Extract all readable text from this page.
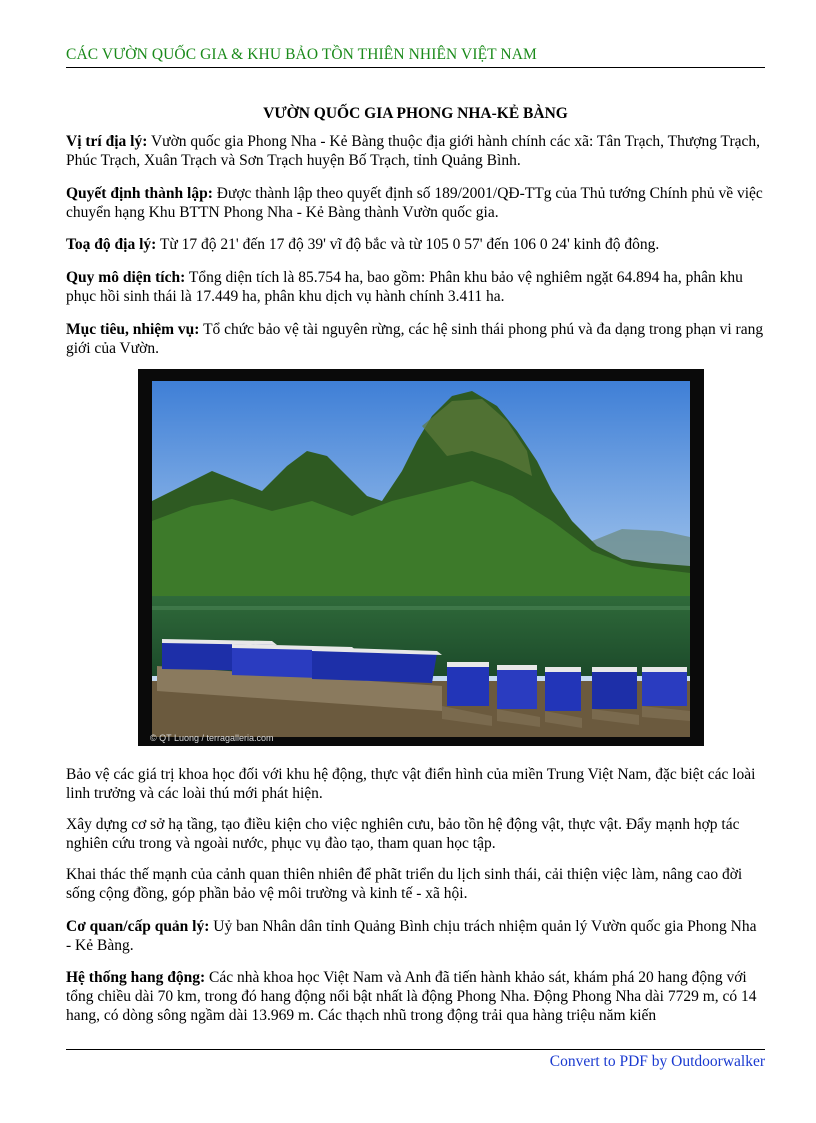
CÁC VƯỜN QUỐC GIA & KHU BẢO TỒN THIÊN NHIÊN VIỆT NAM
VƯỜN QUỐC GIA PHONG NHA-KẺ BÀNG

Vị trí địa lý: Vườn quốc gia Phong Nha - Kẻ Bàng thuộc địa giới hành chính các xã: Tân Trạch, Thượng Trạch, Phúc Trạch, Xuân Trạch và Sơn Trạch huyện Bố Trạch, tỉnh Quảng Bình.

Quyết định thành lập: Được thành lập theo quyết định số 189/2001/QĐ-TTg của Thủ tướng Chính phủ về việc chuyển hạng Khu BTTN Phong Nha - Kẻ Bàng thành Vườn quốc gia.

Toạ độ địa lý: Từ 17 độ 21' đến 17 độ 39' vĩ độ bắc và từ 105 0 57' đến 106 0 24' kinh độ đông.

Quy mô diện tích: Tổng diện tích là 85.754 ha, bao gồm: Phân khu bảo vệ nghiêm ngặt 64.894 ha, phân khu phục hồi sinh thái là 17.449 ha, phân khu dịch vụ hành chính 3.411 ha.

Mục tiêu, nhiệm vụ: Tổ chức bảo vệ tài nguyên rừng, các hệ sinh thái phong phú và đa dạng trong phạn vi rang giới của Vườn.

© QT Luong / terragalleria.com

Bảo vệ các giá trị khoa học đối với khu hệ động, thực vật điển hình của miền Trung Việt Nam, đặc biệt các loài linh trưởng và các loài thú mới phát hiện.

Xây dựng cơ sở hạ tầng, tạo điều kiện cho việc nghiên cưu, bảo tồn hệ động vật, thực vật. Đẩy mạnh hợp tác nghiên cứu trong và ngoài nước, phục vụ đào tạo, tham quan học tập.

Khai thác thế mạnh của cảnh quan thiên nhiên để phãt triển du lịch sinh thái, cải thiện việc làm, nâng cao đời sống cộng đồng, góp phần bảo vệ môi trường và kinh tế - xã hội.

Cơ quan/cấp quản lý: Uỷ ban Nhân dân tỉnh Quảng Bình chịu trách nhiệm quản lý Vườn quốc gia Phong Nha - Kẻ Bàng.

Hệ thống hang động: Các nhà khoa học Việt Nam và Anh đã tiến hành khảo sát, khám phá 20 hang động với tổng chiều dài 70 km, trong đó hang động nổi bật nhất là động Phong Nha. Động Phong Nha dài 7729 m, có 14 hang, có dòng sông ngầm dài 13.969 m. Các thạch nhũ trong động trải qua hàng triệu năm kiến

Convert to PDF by Outdoorwalker
